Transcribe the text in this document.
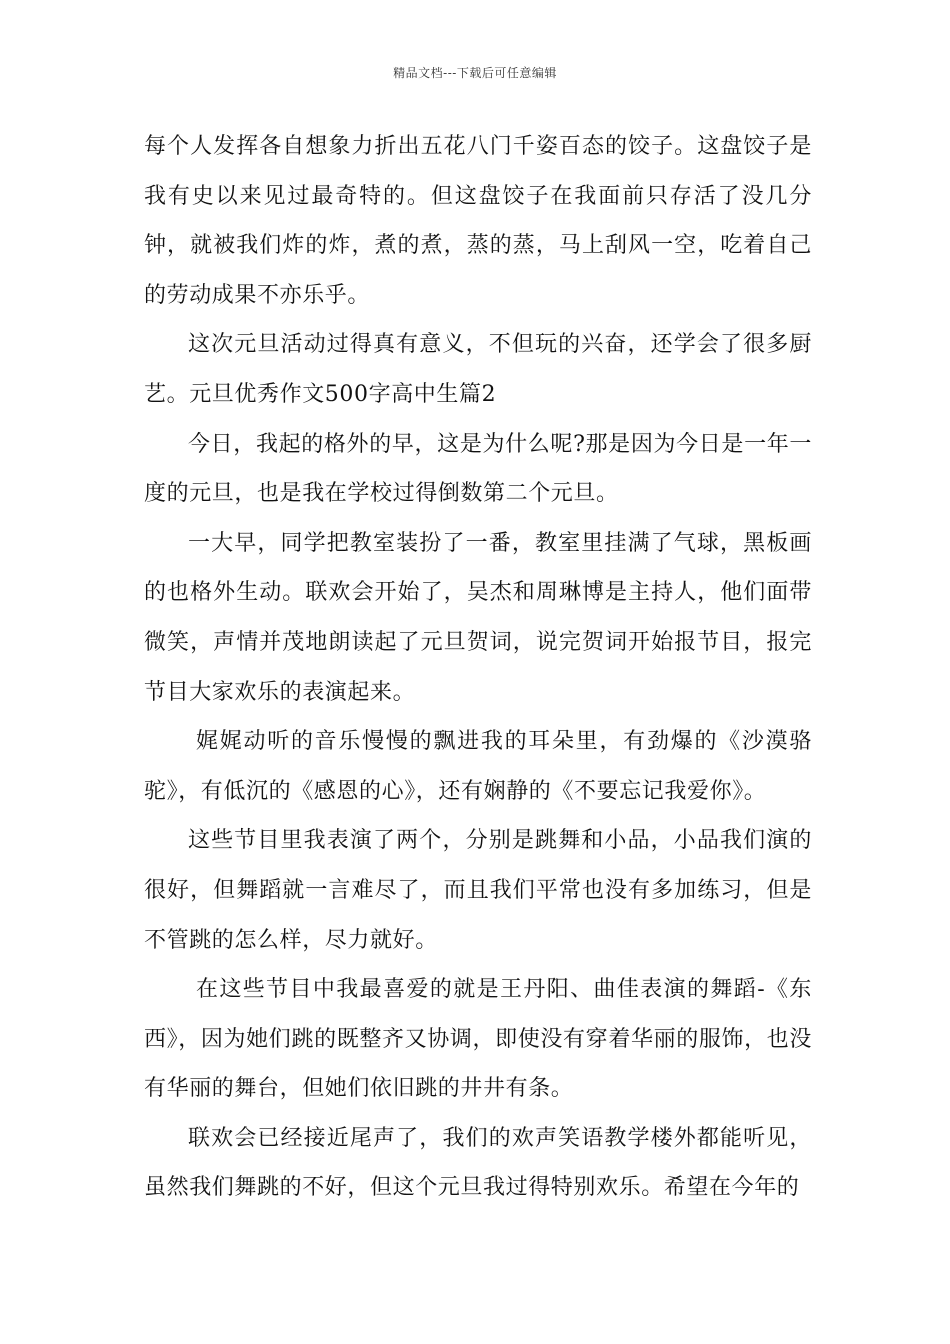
精品文档---下载后可任意编辑

每个人发挥各自想象力折出五花八门千姿百态的饺子。这盘饺子是我有史以来见过最奇特的。但这盘饺子在我面前只存活了没几分钟，就被我们炸的炸，煮的煮，蒸的蒸，马上刮风一空，吃着自己的劳动成果不亦乐乎。

这次元旦活动过得真有意义，不但玩的兴奋，还学会了很多厨艺。元旦优秀作文500字高中生篇2

今日，我起的格外的早，这是为什么呢?那是因为今日是一年一度的元旦，也是我在学校过得倒数第二个元旦。

一大早，同学把教室装扮了一番，教室里挂满了气球，黑板画的也格外生动。联欢会开始了，吴杰和周琳博是主持人，他们面带微笑，声情并茂地朗读起了元旦贺词，说完贺词开始报节目，报完节目大家欢乐的表演起来。

娓娓动听的音乐慢慢的飘进我的耳朵里，有劲爆的《沙漠骆驼》，有低沉的《感恩的心》，还有娴静的《不要忘记我爱你》。

这些节目里我表演了两个，分别是跳舞和小品，小品我们演的很好，但舞蹈就一言难尽了，而且我们平常也没有多加练习，但是不管跳的怎么样，尽力就好。

在这些节目中我最喜爱的就是王丹阳、曲佳表演的舞蹈-《东西》，因为她们跳的既整齐又协调，即使没有穿着华丽的服饰，也没有华丽的舞台，但她们依旧跳的井井有条。

联欢会已经接近尾声了，我们的欢声笑语教学楼外都能听见，虽然我们舞跳的不好，但这个元旦我过得特别欢乐。希望在今年的
